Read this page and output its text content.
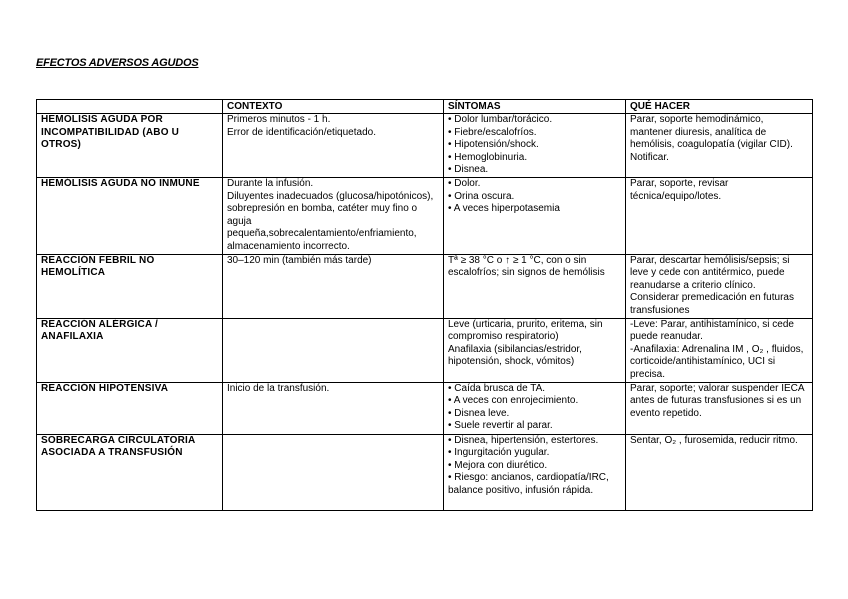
EFECTOS ADVERSOS AGUDOS
	CONTEXTO	SÍNTOMAS	QUÉ HACER

HEMOLISIS AGUDA POR INCOMPATIBILIDAD (ABO U OTROS)	Primeros minutos - 1 h.
Error de identificación/etiquetado.	• Dolor lumbar/torácico.
• Fiebre/escalofríos.
• Hipotensión/shock.
• Hemoglobinuria.
• Disnea.	Parar, soporte hemodinámico, mantener diuresis, analítica de hemólisis, coagulopatía (vigilar CID). Notificar.

HEMÓLISIS AGUDA NO INMUNE	Durante la infusión.
Diluyentes inadecuados (glucosa/hipotónicos), sobrepresión en bomba, catéter muy fino o aguja pequeña,sobrecalentamiento/enfriamiento, almacenamiento incorrecto.	• Dolor.
• Orina oscura.
• A veces hiperpotasemia	Parar, soporte, revisar técnica/equipo/lotes.

REACCIÓN FEBRIL NO HEMOLÍTICA	30–120 min (también más tarde)	Tª ≥ 38 °C o ↑ ≥ 1 °C, con o sin escalofríos; sin signos de hemólisis	Parar, descartar hemólisis/sepsis; si leve y cede con antitérmico, puede reanudarse a criterio clínico.
Considerar premedicación en futuras transfusiones

REACCIÓN ALÉRGICA / ANAFILAXIA		Leve (urticaria, prurito, eritema, sin compromiso respiratorio)
Anafilaxia (sibilancias/estridor, hipotensión, shock, vómitos)	-Leve: Parar, antihistamínico, si cede puede reanudar.
-Anafilaxia: Adrenalina IM , O₂ , fluidos, corticoide/antihistamínico, UCI si precisa.

REACCIÓN HIPOTENSIVA	Inicio de la transfusión.	• Caída brusca de TA.
• A veces con enrojecimiento.
• Disnea leve.
• Suele revertir al parar.	Parar, soporte; valorar suspender IECA antes de futuras transfusiones si es un evento repetido.

SOBRECARGA CIRCULATORIA ASOCIADA A TRANSFUSIÓN		• Disnea, hipertensión, estertores.
• Ingurgitación yugular.
• Mejora con diurético.
• Riesgo: ancianos, cardiopatía/IRC, balance positivo, infusión rápida.	Sentar, O₂ , furosemida, reducir ritmo.
